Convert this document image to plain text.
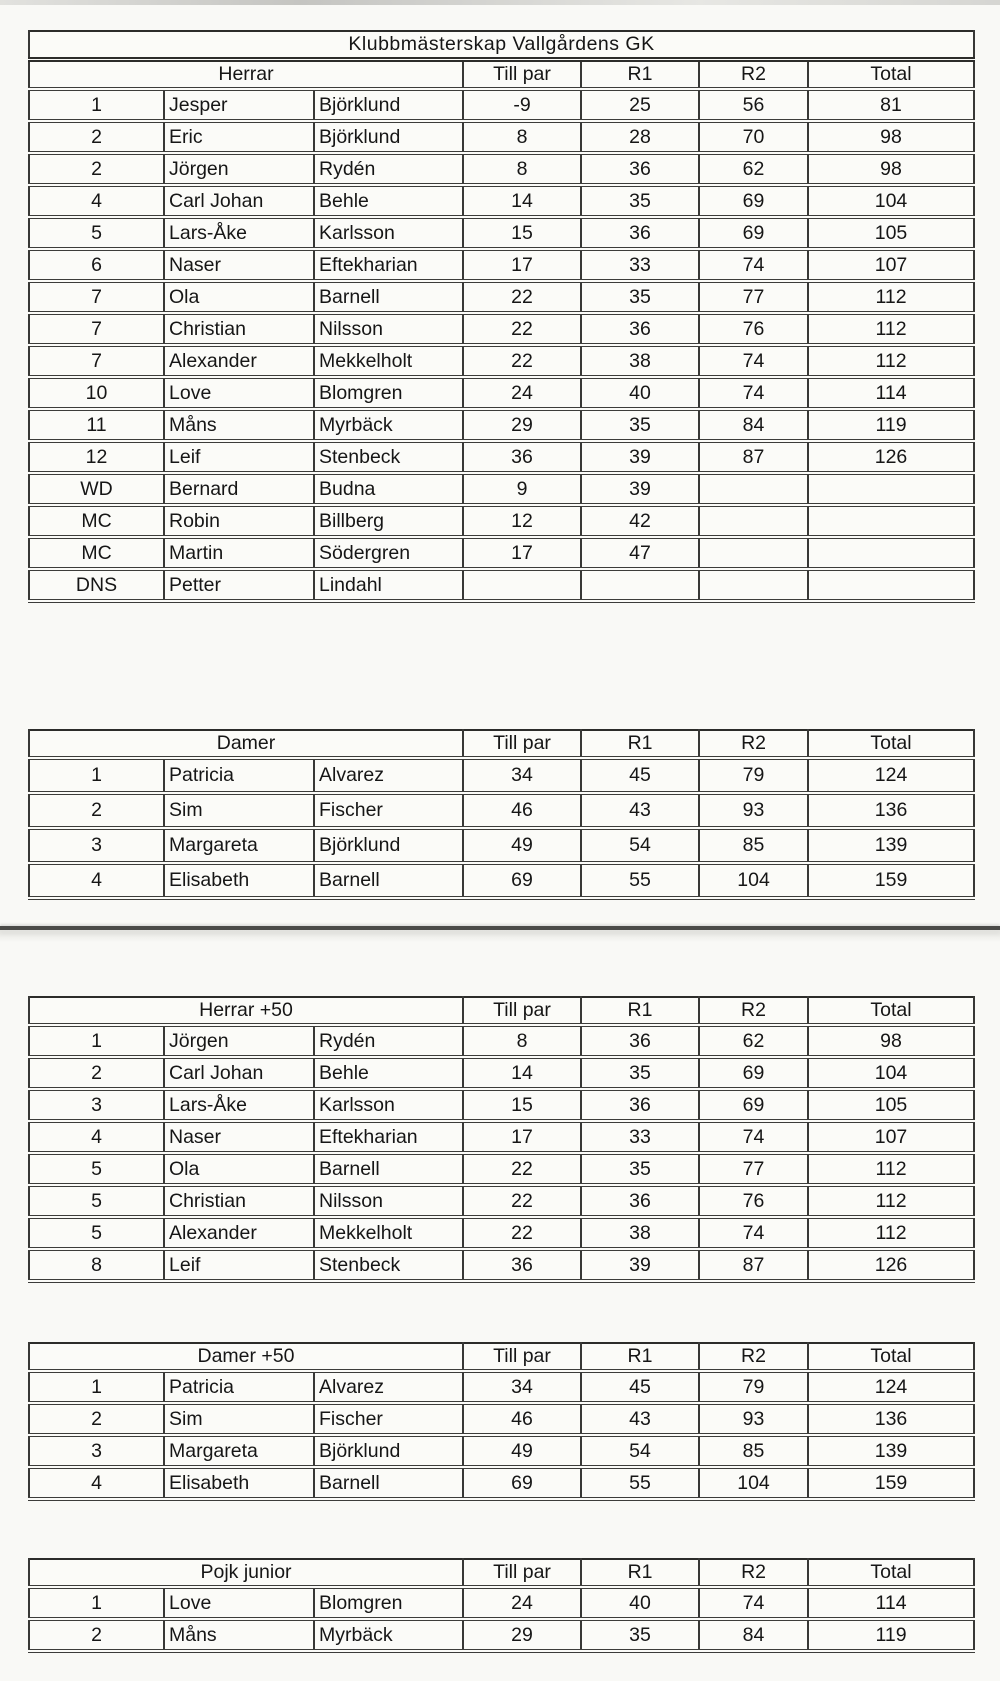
Klubbmästerskap Vallgårdens GK						
Herrar			Till par	R1	R2	Total
1	Jesper	Björklund	-9	25	56	81
2	Eric	Björklund	8	28	70	98
2	Jörgen	Rydén	8	36	62	98
4	Carl Johan	Behle	14	35	69	104
5	Lars-Åke	Karlsson	15	36	69	105
6	Naser	Eftekharian	17	33	74	107
7	Ola	Barnell	22	35	77	112
7	Christian	Nilsson	22	36	76	112
7	Alexander	Mekkelholt	22	38	74	112
10	Love	Blomgren	24	40	74	114
11	Måns	Myrbäck	29	35	84	119
12	Leif	Stenbeck	36	39	87	126
WD	Bernard	Budna	9	39		
MC	Robin	Billberg	12	42		
MC	Martin	Södergren	17	47		
DNS	Petter	Lindahl				
Damer			Till par	R1	R2	Total
1	Patricia	Alvarez	34	45	79	124
2	Sim	Fischer	46	43	93	136
3	Margareta	Björklund	49	54	85	139
4	Elisabeth	Barnell	69	55	104	159
Herrar +50			Till par	R1	R2	Total
1	Jörgen	Rydén	8	36	62	98
2	Carl Johan	Behle	14	35	69	104
3	Lars-Åke	Karlsson	15	36	69	105
4	Naser	Eftekharian	17	33	74	107
5	Ola	Barnell	22	35	77	112
5	Christian	Nilsson	22	36	76	112
5	Alexander	Mekkelholt	22	38	74	112
8	Leif	Stenbeck	36	39	87	126
Damer +50			Till par	R1	R2	Total
1	Patricia	Alvarez	34	45	79	124
2	Sim	Fischer	46	43	93	136
3	Margareta	Björklund	49	54	85	139
4	Elisabeth	Barnell	69	55	104	159
Pojk junior			Till par	R1	R2	Total
1	Love	Blomgren	24	40	74	114
2	Måns	Myrbäck	29	35	84	119
